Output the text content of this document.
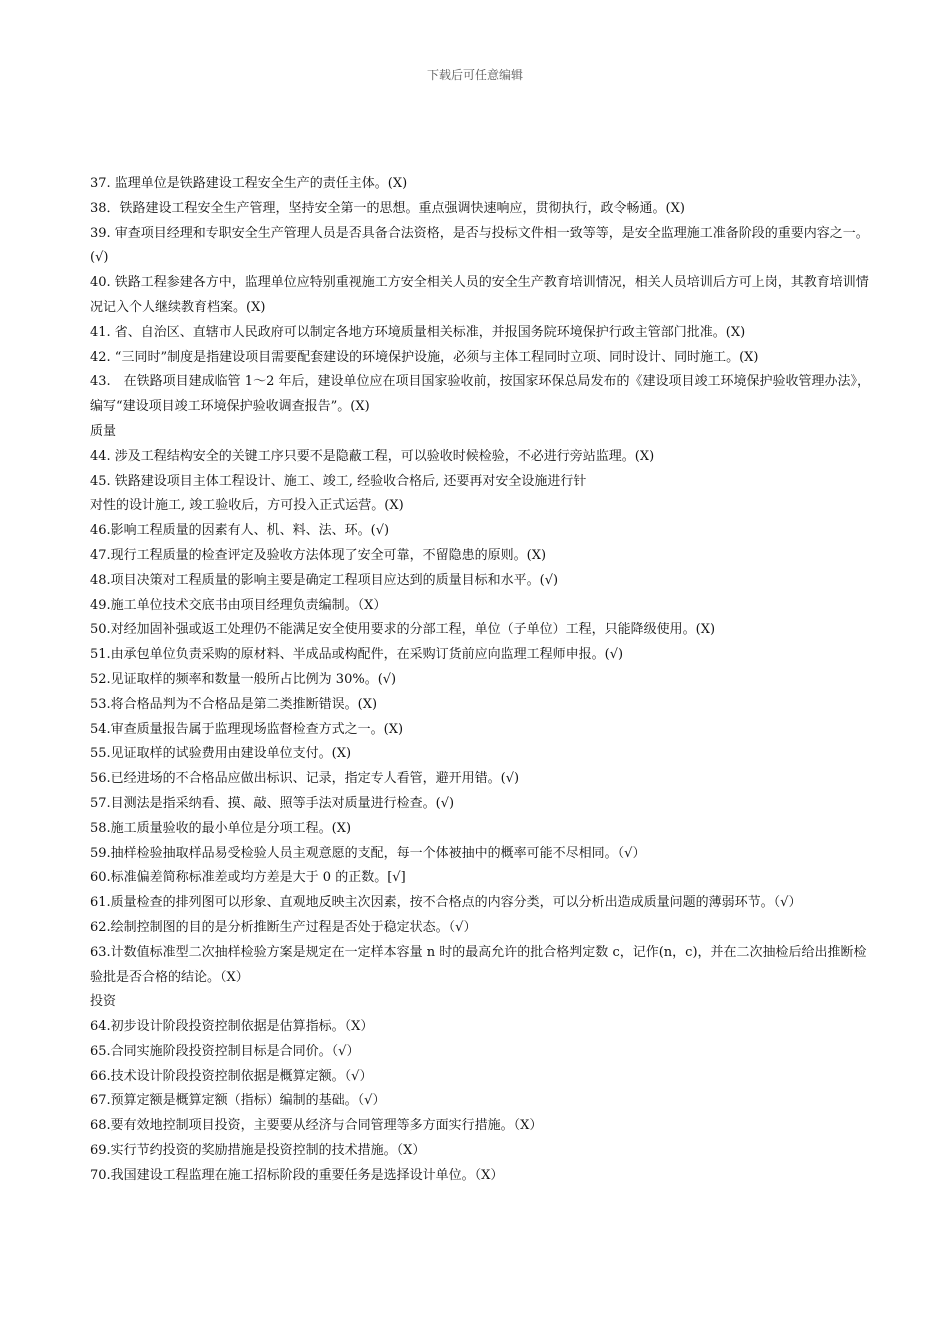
下载后可任意编辑
37. 监理单位是铁路建设工程安全生产的责任主体。(X)
38．铁路建设工程安全生产管理，坚持安全第一的思想。重点强调快速响应，贯彻执行，政令畅通。(X)
39. 审查项目经理和专职安全生产管理人员是否具备合法资格，是否与投标文件相一致等等，是安全监理施工准备阶段的重要内容之一。(√)
40. 铁路工程参建各方中，监理单位应特别重视施工方安全相关人员的安全生产教育培训情况，相关人员培训后方可上岗，其教育培训情况记入个人继续教育档案。(X)
41. 省、自治区、直辖市人民政府可以制定各地方环境质量相关标准，并报国务院环境保护行政主管部门批准。(X)
42. “三同时”制度是指建设项目需要配套建设的环境保护设施，必须与主体工程同时立项、同时设计、同时施工。(X)
43.　在铁路项目建成临管 1～2 年后，建设单位应在项目国家验收前，按国家环保总局发布的《建设项目竣工环境保护验收管理办法》，编写“建设项目竣工环境保护验收调查报告”。(X)
质量
44. 涉及工程结构安全的关键工序只要不是隐蔽工程，可以验收时候检验，不必进行旁站监理。(X)
45. 铁路建设项目主体工程设计、施工、竣工, 经验收合格后, 还要再对安全设施进行针
对性的设计施工, 竣工验收后，方可投入正式运营。(X)
46.影响工程质量的因素有人、机、料、法、环。(√)
47.现行工程质量的检查评定及验收方法体现了安全可靠，不留隐患的原则。(X)
48.项目决策对工程质量的影响主要是确定工程项目应达到的质量目标和水平。(√)
49.施工单位技术交底书由项目经理负责编制。（X）
50.对经加固补强或返工处理仍不能满足安全使用要求的分部工程，单位（子单位）工程，只能降级使用。(X)
51.由承包单位负责采购的原材料、半成品或构配件，在采购订货前应向监理工程师申报。(√)
52.见证取样的频率和数量一般所占比例为 30%。(√)
53.将合格品判为不合格品是第二类推断错误。(X)
54.审查质量报告属于监理现场监督检查方式之一。(X)
55.见证取样的试验费用由建设单位支付。(X)
56.已经进场的不合格品应做出标识、记录，指定专人看管，避开用错。(√)
57.目测法是指采纳看、摸、敲、照等手法对质量进行检查。(√)
58.施工质量验收的最小单位是分项工程。(X)
59.抽样检验抽取样品易受检验人员主观意愿的支配，每一个体被抽中的概率可能不尽相同。（√）
60.标准偏差简称标准差或均方差是大于 0 的正数。[√]
61.质量检查的排列图可以形象、直观地反映主次因素，按不合格点的内容分类，可以分析出造成质量问题的薄弱环节。（√）
62.绘制控制图的目的是分析推断生产过程是否处于稳定状态。（√）
63.计数值标准型二次抽样检验方案是规定在一定样本容量 n 时的最高允许的批合格判定数 c，记作(n，c)，并在二次抽检后给出推断检验批是否合格的结论。（X）
投资
64.初步设计阶段投资控制依据是估算指标。（X）
65.合同实施阶段投资控制目标是合同价。（√）
66.技术设计阶段投资控制依据是概算定额。（√）
67.预算定额是概算定额（指标）编制的基础。（√）
68.要有效地控制项目投资，主要要从经济与合同管理等多方面实行措施。（X）
69.实行节约投资的奖励措施是投资控制的技术措施。（X）
70.我国建设工程监理在施工招标阶段的重要任务是选择设计单位。（X）
